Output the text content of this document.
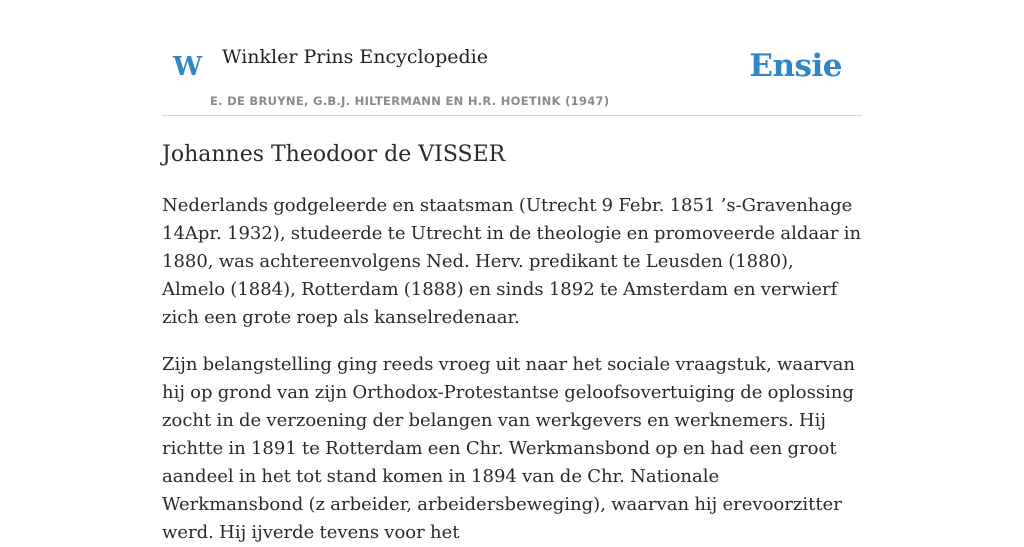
W Winkler Prins Encyclopedie
E. DE BRUYNE, G.B.J. HILTERMANN EN H.R. HOETINK (1947)
Ensie
Johannes Theodoor de VISSER

Nederlands godgeleerde en staatsman (Utrecht 9 Febr. 1851 ’s-Gravenhage 14Apr. 1932), studeerde te Utrecht in de theologie en promoveerde aldaar in 1880, was achtereenvolgens Ned. Herv. predikant te Leusden (1880), Almelo (1884), Rotterdam (1888) en sinds 1892 te Amsterdam en verwierf zich een grote roep als kanselredenaar.

Zijn belangstelling ging reeds vroeg uit naar het sociale vraagstuk, waarvan hij op grond van zijn Orthodox-Protestantse geloofsovertuiging de oplossing zocht in de verzoening der belangen van werkgevers en werknemers. Hij richtte in 1891 te Rotterdam een Chr. Werkmansbond op en had een groot aandeel in het tot stand komen in 1894 van de Chr. Nationale Werkmansbond (z arbeider, arbeidersbeweging), waarvan hij erevoorzitter werd. Hij ijverde tevens voor het
